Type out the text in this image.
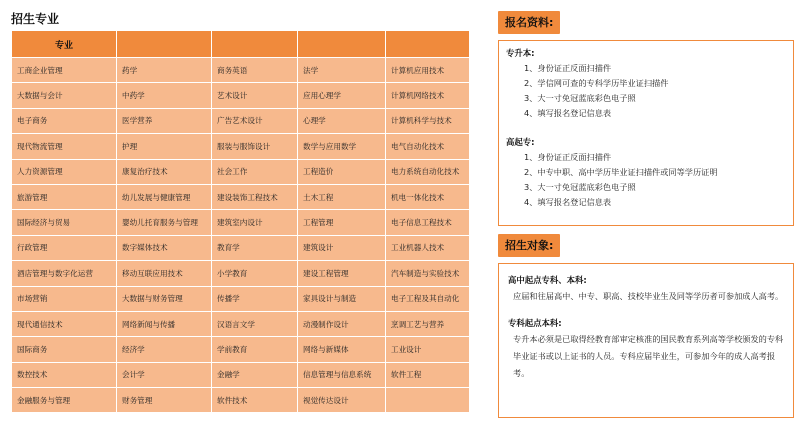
招生专业
专业				
工商企业管理	药学	商务英语	法学	计算机应用技术
大数据与会计	中药学	艺术设计	应用心理学	计算机网络技术
电子商务	医学营养	广告艺术设计	心理学	计算机科学与技术
现代物流管理	护理	服装与服饰设计	数学与应用数学	电气自动化技术
人力资源管理	康复治疗技术	社会工作	工程造价	电力系统自动化技术
旅游管理	幼儿发展与健康管理	建设装饰工程技术	土木工程	机电一体化技术
国际经济与贸易	婴幼儿托育服务与管理	建筑室内设计	工程管理	电子信息工程技术
行政管理	数字媒体技术	教育学	建筑设计	工业机器人技术
酒店管理与数字化运营	移动互联应用技术	小学教育	建设工程管理	汽车制造与实验技术
市场营销	大数据与财务管理	传播学	家具设计与制造	电子工程及其自动化
现代通信技术	网络新闻与传播	汉语言文学	动漫制作设计	烹调工艺与营养
国际商务	经济学	学前教育	网络与新媒体	工业设计
数控技术	会计学	金融学	信息管理与信息系统	软件工程
金融服务与管理	财务管理	软件技术	视觉传达设计	
报名资料:
专升本:
1、身份证正反面扫描件
2、学信网可查的专科学历毕业证扫描件
3、大一寸免冠蓝底彩色电子照
4、填写报名登记信息表
高起专:
1、身份证正反面扫描件
2、中专中职、高中学历毕业证扫描件或同等学历证明
3、大一寸免冠蓝底彩色电子照
4、填写报名登记信息表
招生对象:
高中起点专科、本科:
应届和往届高中、中专、职高、技校毕业生及同等学历者可参加成人高考。
专科起点本科:
专升本必须是已取得经教育部审定核准的国民教育系列高等学校颁发的专科毕业证书或以上证书的人员。专科应届毕业生，可参加今年的成人高考报考。
